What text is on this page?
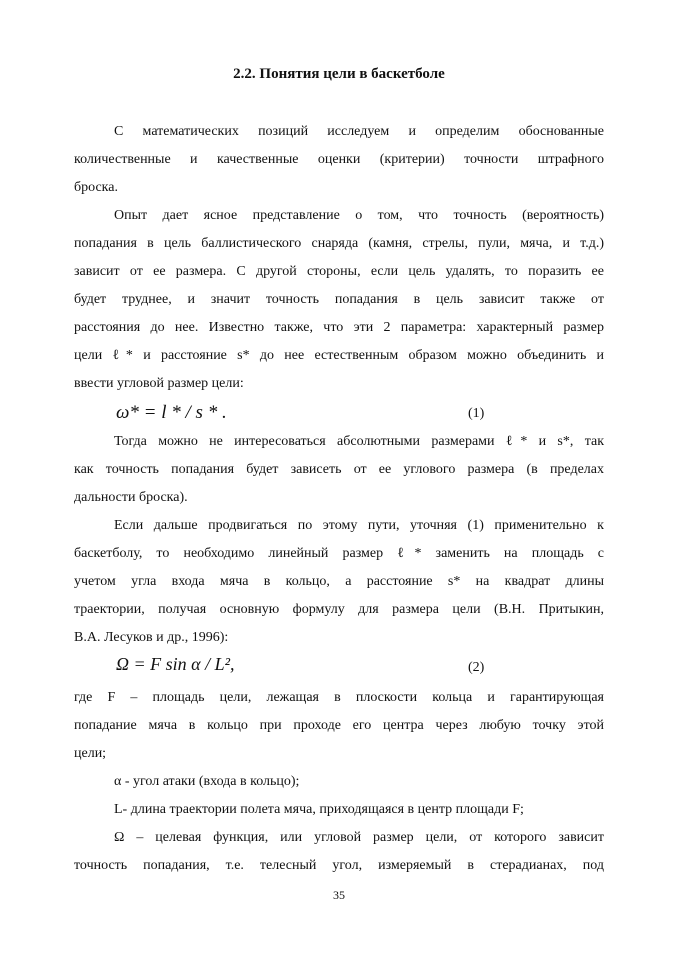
2.2. Понятия цели в баскетболе
С математических позиций исследуем и определим обоснованные
количественные и качественные оценки (критерии) точности штрафного
броска.
Опыт дает ясное представление о том, что точность (вероятность)
попадания в цель баллистического снаряда (камня, стрелы, пули, мяча, и т.д.)
зависит от ее размера. С другой стороны, если цель удалять, то поразить ее
будет труднее, и значит точность попадания в цель зависит также от
расстояния до нее. Известно также, что эти 2 параметра: характерный размер
цели ℓ* и расстояние s* до нее естественным образом можно объединить и
ввести угловой размер цели:
ω* = l * / s * .	(1)
Тогда можно не интересоваться абсолютными размерами ℓ* и s*, так
как точность попадания будет зависеть от ее углового размера (в пределах
дальности броска).
Если дальше продвигаться по этому пути, уточняя (1) применительно к
баскетболу, то необходимо линейный размер ℓ* заменить на площадь с
учетом угла входа мяча в кольцо, а расстояние s* на квадрат длины
траектории, получая основную формулу для размера цели (В.Н. Притыкин,
В.А. Лесуков и др., 1996):
Ω = F sin α / L²,	(2)
где F – площадь цели, лежащая в плоскости кольца и гарантирующая
попадание мяча в кольцо при проходе его центра через любую точку этой
цели;
α - угол атаки (входа в кольцо);
L- длина траектории полета мяча, приходящаяся в центр площади F;
Ω – целевая функция, или угловой размер цели, от которого зависит
точность попадания, т.е. телесный угол, измеряемый в стерадианах, под
35
